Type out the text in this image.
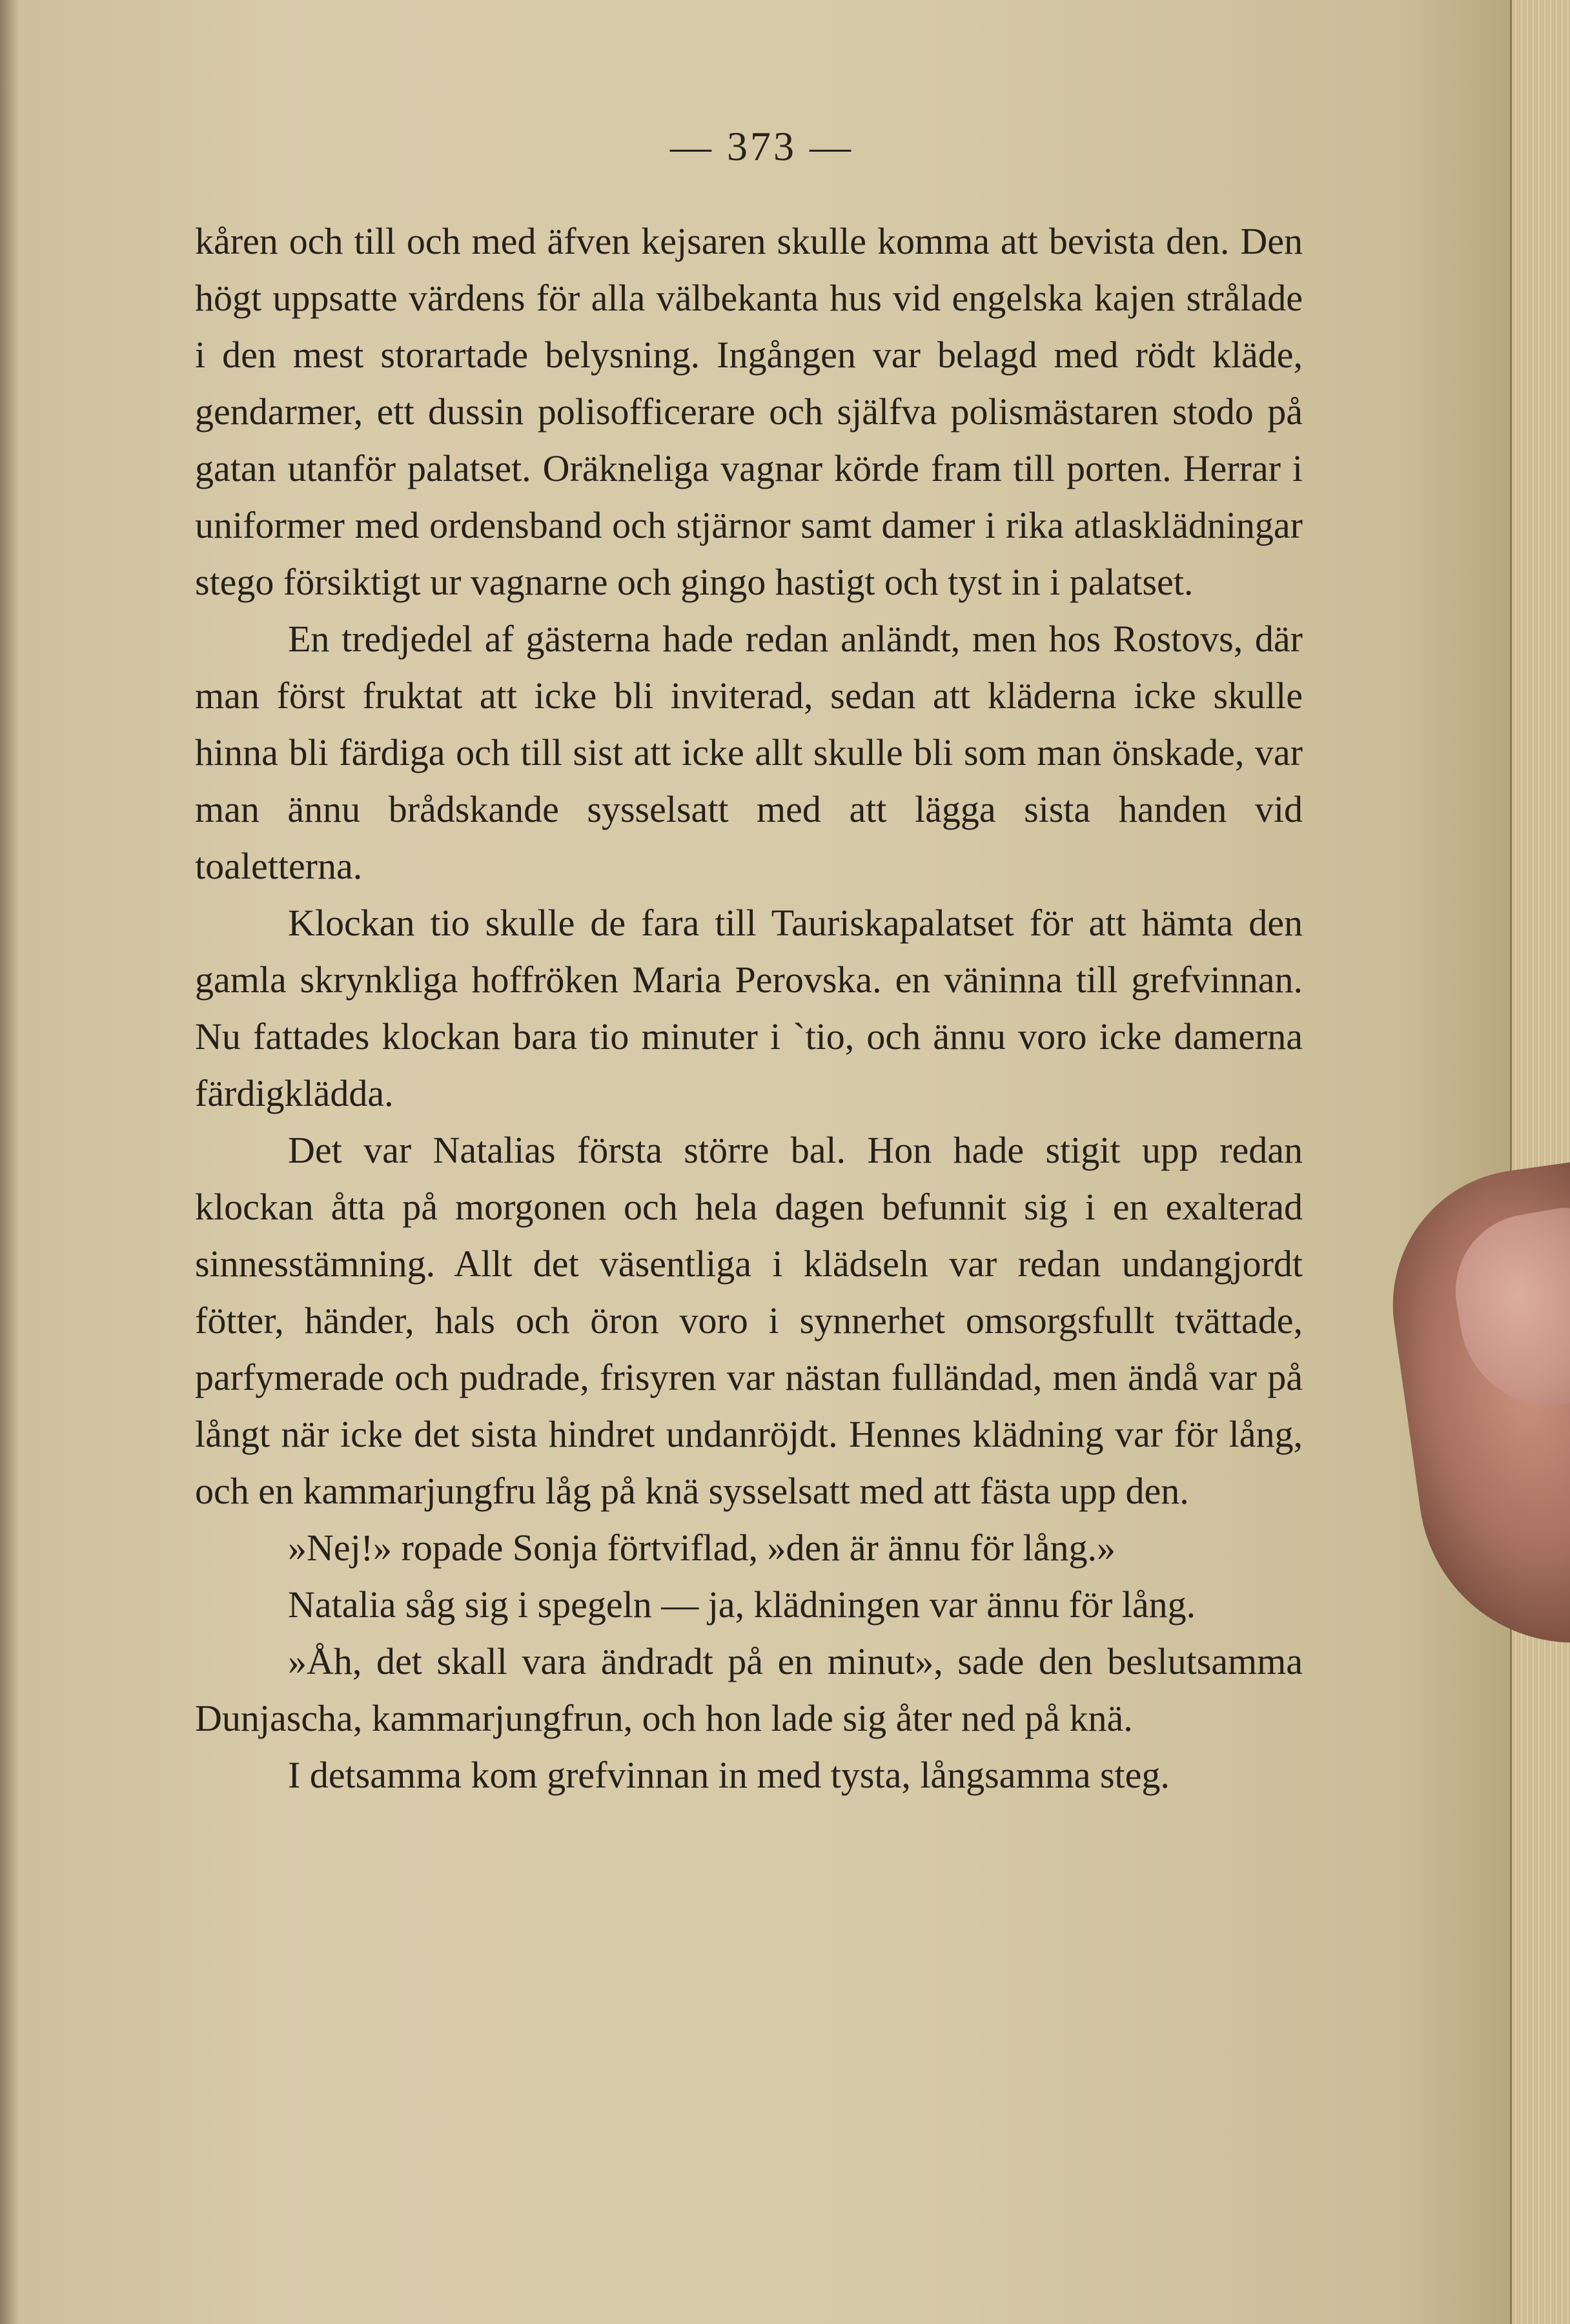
— 373 —

kåren och till och med äfven kejsaren skulle komma att bevista den. Den högt uppsatte värdens för alla välbekanta hus vid engelska kajen strålade i den mest storartade belysning. Ingången var belagd med rödt kläde, gendarmer, ett dussin polisofficerare och själfva polismästaren stodo på gatan utanför palatset. Oräkneliga vagnar körde fram till porten. Herrar i uniformer med ordensband och stjärnor samt damer i rika atlasklädningar stego försiktigt ur vagnarne och gingo hastigt och tyst in i palatset.

En tredjedel af gästerna hade redan anländt, men hos Rostovs, där man först fruktat att icke bli inviterad, sedan att kläderna icke skulle hinna bli färdiga och till sist att icke allt skulle bli som man önskade, var man ännu brådskande sysselsatt med att lägga sista handen vid toaletterna.

Klockan tio skulle de fara till Tauriskapalatset för att hämta den gamla skrynkliga hoffröken Maria Perovska. en väninna till grefvinnan. Nu fattades klockan bara tio minuter i `tio, och ännu voro icke damerna färdigklädda.

Det var Natalias första större bal. Hon hade stigit upp redan klockan åtta på morgonen och hela dagen befunnit sig i en exalterad sinnesstämning. Allt det väsentliga i klädseln var redan undangjordt fötter, händer, hals och öron voro i synnerhet omsorgsfullt tvättade, parfymerade och pudrade, frisyren var nästan fulländad, men ändå var på långt när icke det sista hindret undanröjdt. Hennes klädning var för lång, och en kammarjungfru låg på knä sysselsatt med att fästa upp den.

»Nej!» ropade Sonja förtviflad, »den är ännu för lång.»

Natalia såg sig i spegeln — ja, klädningen var ännu för lång.

»Åh, det skall vara ändradt på en minut», sade den beslutsamma Dunjascha, kammarjungfrun, och hon lade sig åter ned på knä.

I detsamma kom grefvinnan in med tysta, långsamma steg.
